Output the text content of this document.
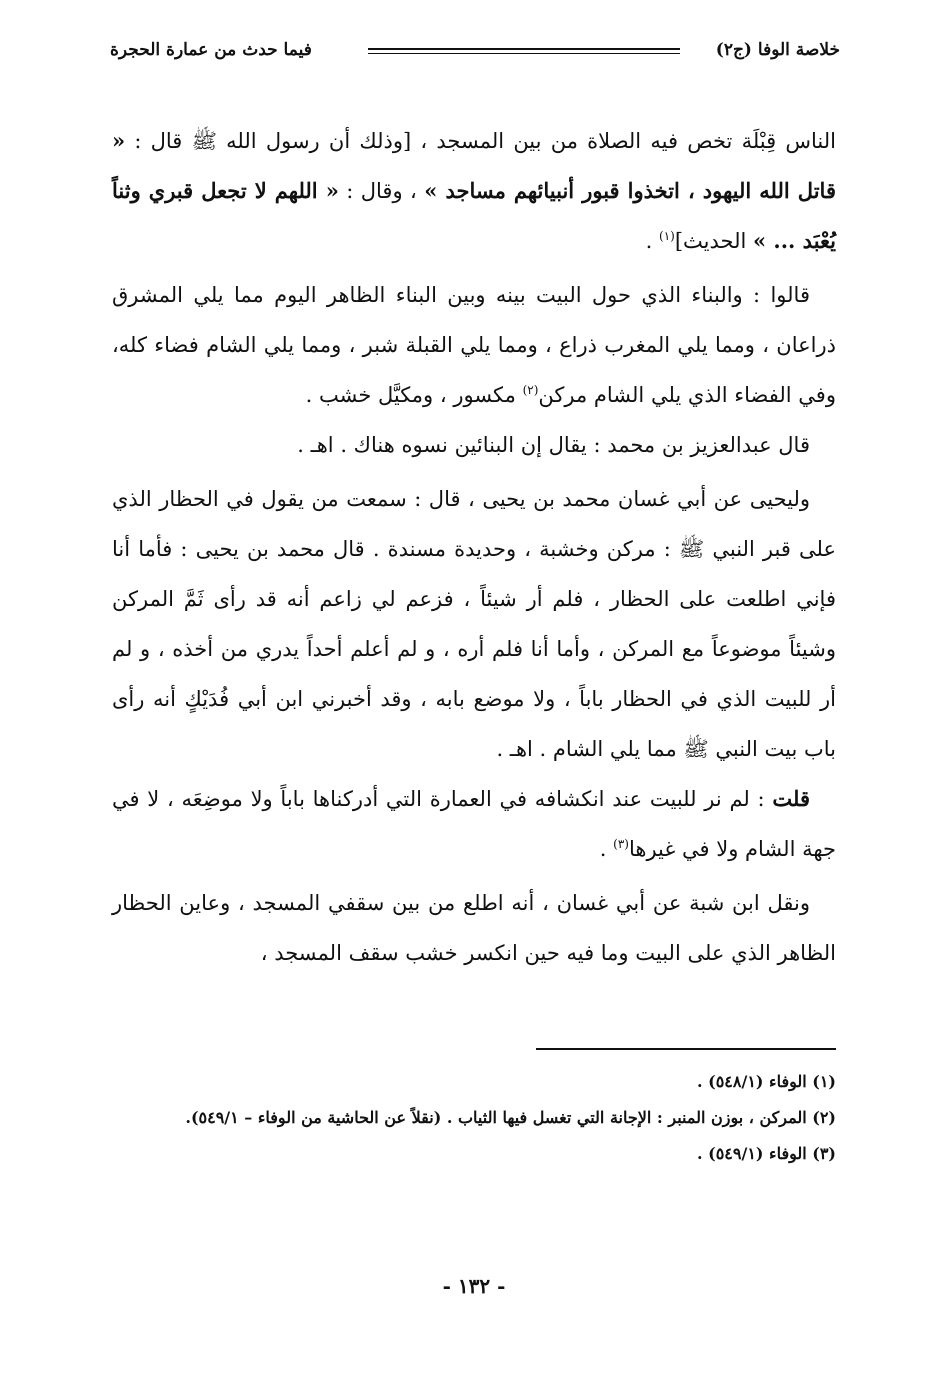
خلاصة الوفا (ج٢)
فيما حدث من عمارة الحجرة

الناس قِبْلَة تخص فيه الصلاة من بين المسجد ، [وذلك أن رسول الله ﷺ قال : « قاتل الله اليهود ، اتخذوا قبور أنبيائهم مساجد » ، وقال : « اللهم لا تجعل قبري وثناً يُعْبَد ... » الحديث]$^{(١)}$ .

قالوا : والبناء الذي حول البيت بينه وبين البناء الظاهر اليوم مما يلي المشرق ذراعان ، ومما يلي المغرب ذراع ، ومما يلي القبلة شبر ، ومما يلي الشام فضاء كله، وفي الفضاء الذي يلي الشام مركن$^{(٢)}$ مكسور ، ومكيَّل خشب .

قال عبدالعزيز بن محمد : يقال إن البنائين نسوه هناك . اهـ .

وليحيى عن أبي غسان محمد بن يحيى ، قال : سمعت من يقول في الحظار الذي على قبر النبي ﷺ : مركن وخشبة ، وحديدة مسندة . قال محمد بن يحيى : فأما أنا فإني اطلعت على الحظار ، فلم أر شيئاً ، فزعم لي زاعم أنه قد رأى ثَمَّ المركن وشيئاً موضوعاً مع المركن ، وأما أنا فلم أره ، و لم أعلم أحداً يدري من أخذه ، و لم أر للبيت الذي في الحظار باباً ، ولا موضع بابه ، وقد أخبرني ابن أبي فُدَيْكٍ أنه رأى باب بيت النبي ﷺ مما يلي الشام . اهـ .

قلت : لم نر للبيت عند انكشافه في العمارة التي أدركناها باباً ولا موضِعَه ، لا في جهة الشام ولا في غيرها$^{(٣)}$ .

ونقل ابن شبة عن أبي غسان ، أنه اطلع من بين سقفي المسجد ، وعاين الحظار الظاهر الذي على البيت وما فيه حين انكسر خشب سقف المسجد ،

(١) الوفاء (٥٤٨/١) .

(٢) المركن ، بوزن المنبر : الإجانة التي تغسل فيها الثياب . (نقلاً عن الحاشية من الوفاء – ٥٤٩/١).

(٣) الوفاء (٥٤٩/١) .

- ١٣٢ -
